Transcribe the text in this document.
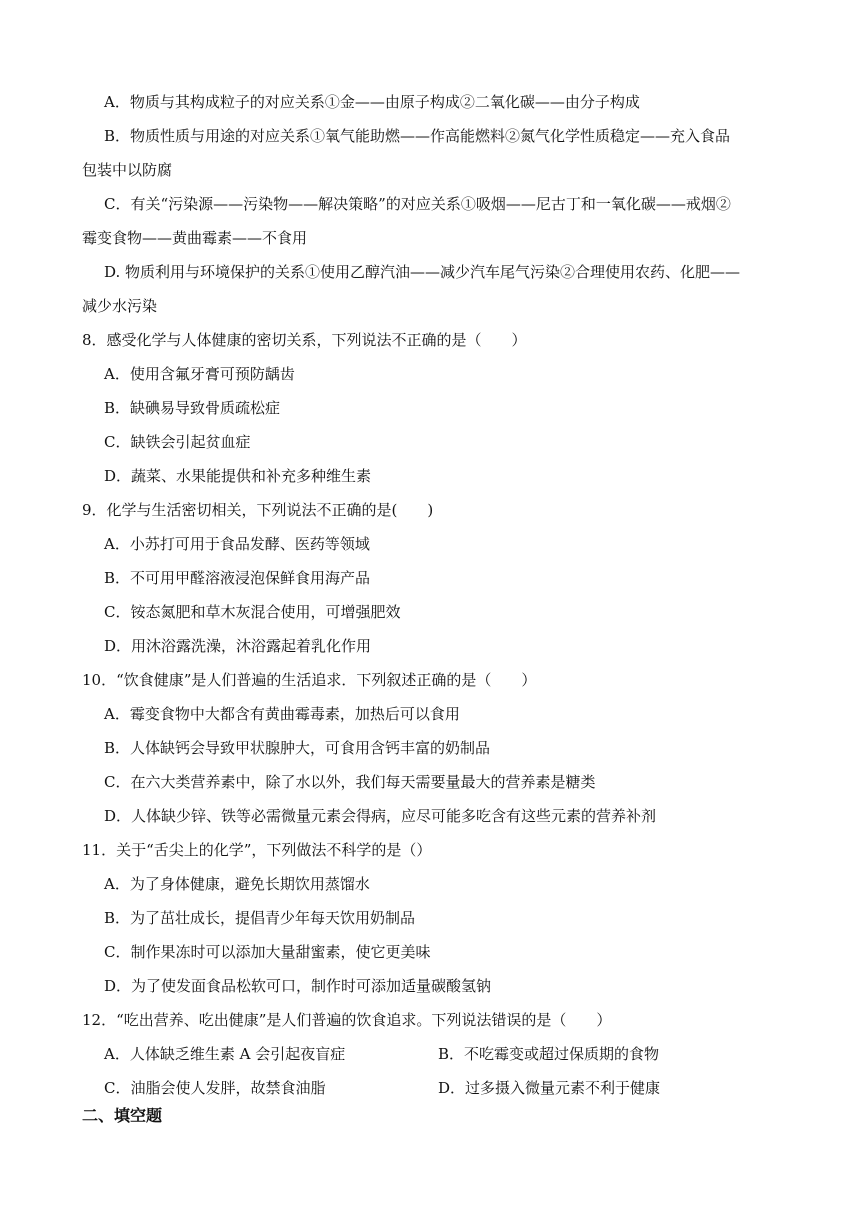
A．物质与其构成粒子的对应关系①金——由原子构成②二氧化碳——由分子构成
B．物质性质与用途的对应关系①氧气能助燃——作高能燃料②氮气化学性质稳定——充入食品
包装中以防腐
C．有关“污染源——污染物——解决策略”的对应关系①吸烟——尼古丁和一氧化碳——戒烟②
霉变食物——黄曲霉素——不食用
D. 物质利用与环境保护的关系①使用乙醇汽油——减少汽车尾气污染②合理使用农药、化肥——
减少水污染
8．感受化学与人体健康的密切关系，下列说法不正确的是（　　）
A．使用含氟牙膏可预防龋齿
B．缺碘易导致骨质疏松症
C．缺铁会引起贫血症
D．蔬菜、水果能提供和补充多种维生素
9．化学与生活密切相关，下列说法不正确的是(　　)
A．小苏打可用于食品发酵、医药等领域
B．不可用甲醛溶液浸泡保鲜食用海产品
C．铵态氮肥和草木灰混合使用，可增强肥效
D．用沐浴露洗澡，沐浴露起着乳化作用
10．“饮食健康”是人们普遍的生活追求．下列叙述正确的是（　　）
A．霉变食物中大都含有黄曲霉毒素，加热后可以食用
B．人体缺钙会导致甲状腺肿大，可食用含钙丰富的奶制品
C．在六大类营养素中，除了水以外，我们每天需要量最大的营养素是糖类
D．人体缺少锌、铁等必需微量元素会得病，应尽可能多吃含有这些元素的营养补剂
11．关于“舌尖上的化学”，下列做法不科学的是（）
A．为了身体健康，避免长期饮用蒸馏水
B．为了茁壮成长，提倡青少年每天饮用奶制品
C．制作果冻时可以添加大量甜蜜素，使它更美味
D．为了使发面食品松软可口，制作时可添加适量碳酸氢钠
12．“吃出营养、吃出健康”是人们普遍的饮食追求。下列说法错误的是（　　）
A．人体缺乏维生素 A 会引起夜盲症	B．不吃霉变或超过保质期的食物
C．油脂会使人发胖，故禁食油脂	D．过多摄入微量元素不利于健康
二、填空题
